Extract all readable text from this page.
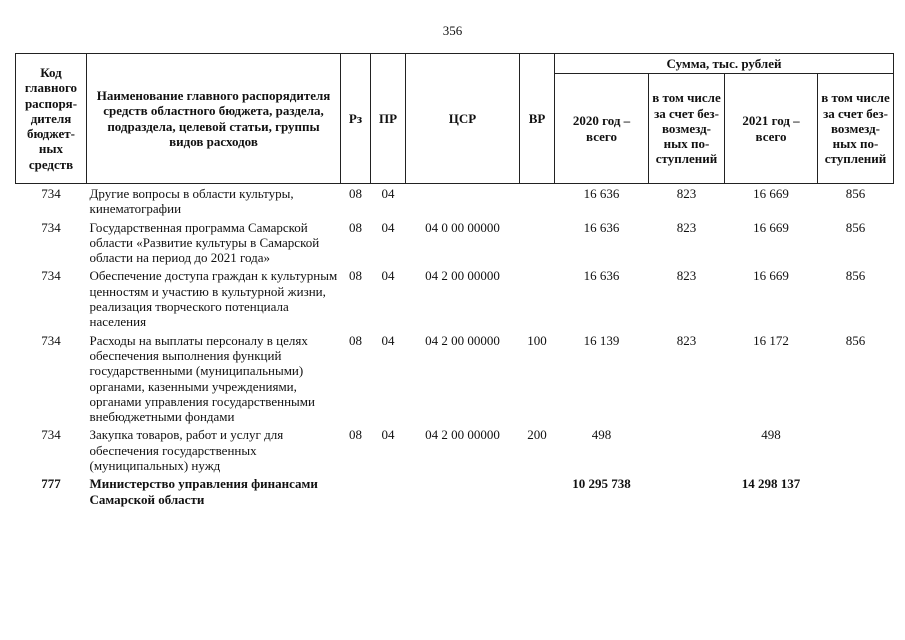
356
Код главного распоря-дителя бюджет-ных средств	Наименование главного распорядителя средств областного бюджета, раздела, подраздела, целевой статьи, группы видов расходов	Рз	ПР	ЦСР	ВР	Сумма, тыс. рублей			
						2020 год – всего	в том числе за счет без-возмезд-ных по-ступлений	2021 год – всего	в том числе за счет без-возмезд-ных по-ступлений
734	Другие вопросы в области культуры, кинематографии	08	04			16 636	823	16 669	856
734	Государственная программа Самарской области «Развитие культуры в Самарской области на период до 2021 года»	08	04	04 0 00 00000		16 636	823	16 669	856
734	Обеспечение доступа граждан к культурным ценностям и участию в культурной жизни, реализация творческого потенциала населения	08	04	04 2 00 00000		16 636	823	16 669	856
734	Расходы на выплаты персоналу в целях обеспечения выполнения функций государственными (муниципальными) органами, казенными учреждениями, органами управления государственными внебюджетными фондами	08	04	04 2 00 00000	100	16 139	823	16 172	856
734	Закупка товаров, работ и услуг для обеспечения государственных (муниципальных) нужд	08	04	04 2 00 00000	200	498		498	
777	Министерство управления финансами Самарской области					10 295 738		14 298 137	
